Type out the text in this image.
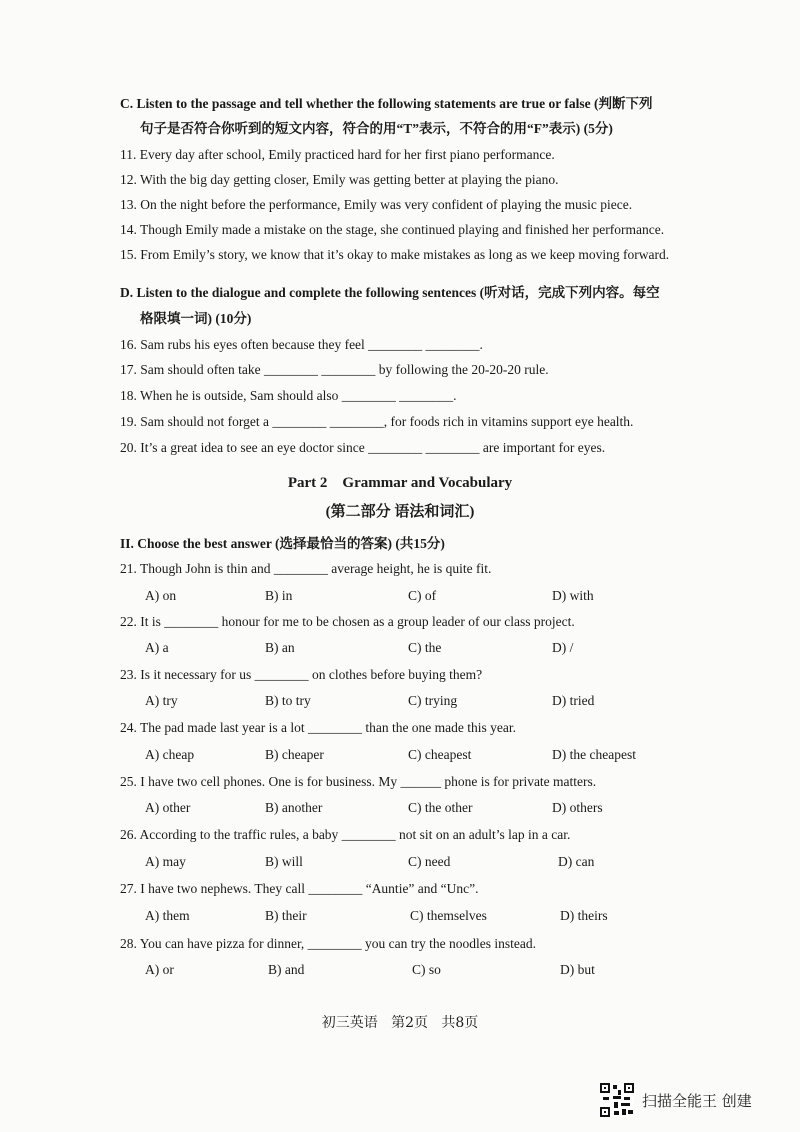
C. Listen to the passage and tell whether the following statements are true or false (判断下列
句子是否符合你听到的短文内容，符合的用“T”表示，不符合的用“F”表示) (5分)
11. Every day after school, Emily practiced hard for her first piano performance.
12. With the big day getting closer, Emily was getting better at playing the piano.
13. On the night before the performance, Emily was very confident of playing the music piece.
14. Though Emily made a mistake on the stage, she continued playing and finished her performance.
15. From Emily’s story, we know that it’s okay to make mistakes as long as we keep moving forward.
D. Listen to the dialogue and complete the following sentences (听对话，完成下列内容。每空
格限填一词) (10分)
16. Sam rubs his eyes often because they feel ________ ________.
17. Sam should often take ________ ________ by following the 20-20-20 rule.
18. When he is outside, Sam should also ________ ________.
19. Sam should not forget a ________ ________, for foods rich in vitamins support eye health.
20. It’s a great idea to see an eye doctor since ________ ________ are important for eyes.
Part 2    Grammar and Vocabulary
(第二部分 语法和词汇)
II. Choose the best answer (选择最恰当的答案) (共15分)
21. Though John is thin and ________ average height, he is quite fit.
A) on	B) in	C) of	D) with
22. It is ________ honour for me to be chosen as a group leader of our class project.
A) a	B) an	C) the	D) /
23. Is it necessary for us ________ on clothes before buying them?
A) try	B) to try	C) trying	D) tried
24. The pad made last year is a lot ________ than the one made this year.
A) cheap	B) cheaper	C) cheapest	D) the cheapest
25. I have two cell phones. One is for business. My ______ phone is for private matters.
A) other	B) another	C) the other	D) others
26. According to the traffic rules, a baby ________ not sit on an adult’s lap in a car.
A) may	B) will	C) need	D) can
27. I have two nephews. They call ________ “Auntie” and “Unc”.
A) them	B) their	C) themselves	D) theirs
28. You can have pizza for dinner, ________ you can try the noodles instead.
A) or	B) and	C) so	D) but
初三英语   第2页   共8页
扫描全能王 创建
